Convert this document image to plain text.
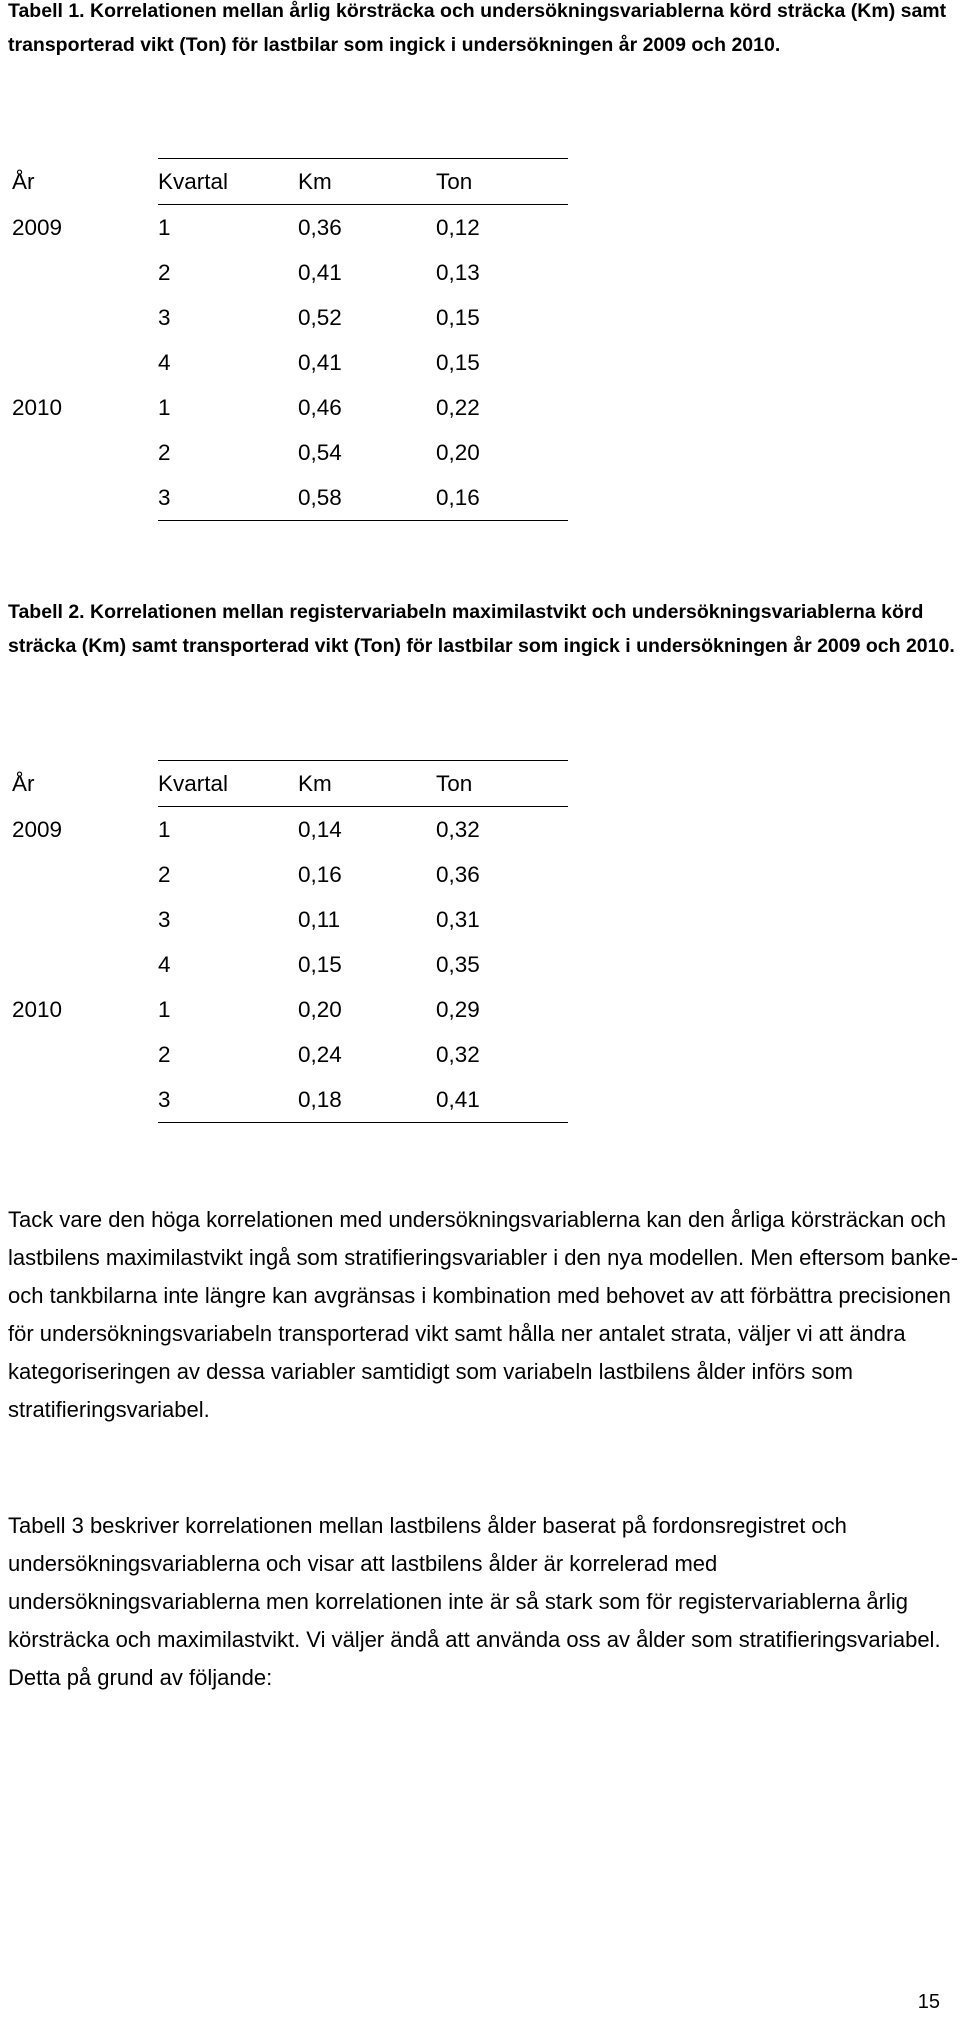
Tabell 1. Korrelationen mellan årlig körsträcka och undersökningsvariablerna körd sträcka (Km) samt transporterad vikt (Ton) för lastbilar som ingick i undersökningen år 2009 och 2010.
År	Kvartal	Km	Ton
2009	1	0,36	0,12
	2	0,41	0,13
	3	0,52	0,15
	4	0,41	0,15
2010	1	0,46	0,22
	2	0,54	0,20
	3	0,58	0,16
Tabell 2. Korrelationen mellan registervariabeln maximilastvikt och undersökningsvariablerna körd sträcka (Km) samt transporterad vikt (Ton) för lastbilar som ingick i undersökningen år 2009 och 2010.
År	Kvartal	Km	Ton
2009	1	0,14	0,32
	2	0,16	0,36
	3	0,11	0,31
	4	0,15	0,35
2010	1	0,20	0,29
	2	0,24	0,32
	3	0,18	0,41

Tack vare den höga korrelationen med undersökningsvariablerna kan den årliga körsträckan och lastbilens maximilastvikt ingå som stratifieringsvariabler i den nya modellen. Men eftersom banke- och tankbilarna inte längre kan avgränsas i kombination med behovet av att förbättra precisionen för undersökningsvariabeln transporterad vikt samt hålla ner antalet strata, väljer vi att ändra kategoriseringen av dessa variabler samtidigt som variabeln lastbilens ålder införs som stratifieringsvariabel.

Tabell 3 beskriver korrelationen mellan lastbilens ålder baserat på fordonsregistret och undersökningsvariablerna och visar att lastbilens ålder är korrelerad med undersökningsvariablerna men korrelationen inte är så stark som för registervariablerna årlig körsträcka och maximilastvikt. Vi väljer ändå att använda oss av ålder som stratifieringsvariabel. Detta på grund av följande:

15
